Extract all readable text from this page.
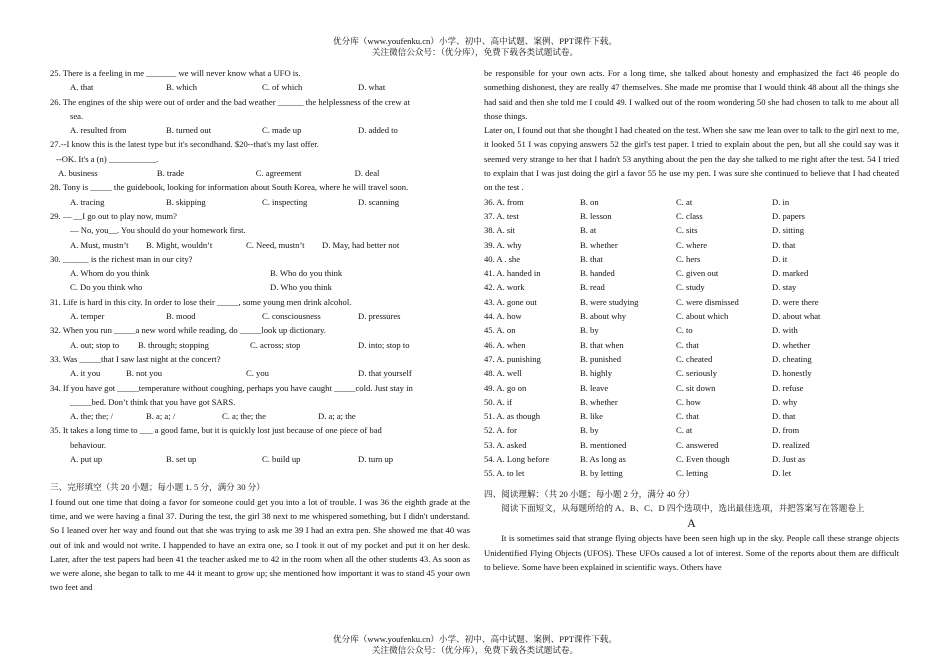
优分库（www.youfenku.cn）小学、初中、高中试题、案例、PPT课件下载。
关注微信公众号：（优分库），免费下载各类试题试卷。
25. There is a feeling in me _______ we will never know what a UFO is.
A. that	B. which	C. of which	D. what
26. The engines of the ship were out of order and the bad weather ______ the helplessness of the crew at
sea.
A. resulted from	B. turned out	C. made up	D. added to
27.--I know this is the latest type but it's secondhand. $20--that's my last offer.
--OK. It's a (n) ___________.
A. business	B. trade	C. agreement	D. deal
28. Tony is _____ the guidebook, looking for information about South Korea, where he will travel soon.
A. tracing	B. skipping	C. inspecting	D. scanning
29. — __I go out to play now, mum?
— No, you__. You should do your homework first.
A. Must, mustn’t	B. Might, wouldn’t	C. Need, mustn’t	D. May, had better not
30. ______ is the richest man in our city?
A. Whom do you think	B. Who do you think
C. Do you think who	D. Who you think
31. Life is hard in this city. In order to lose their _____, some young men drink alcohol.
A. temper	B. mood	C. consciousness	D. pressures
32. When you run _____a new word while reading, do _____look up dictionary.
A. out; stop to	B. through; stopping	C. across; stop	D. into; stop to
33. Was _____that I saw last night at the concert?
A. it you	B. not you	C. you	D. that yourself
34. If you have got _____temperature without coughing, perhaps you have caught _____cold. Just stay in
_____bed. Don’t think that you have got SARS.
A. the; the; /	B. a; a; /	C. a; the; the	D. a; a; the
35. It takes a long time to ___ a good fame, but it is quickly lost just because of one piece of bad
behaviour.
A. put up	B. set up	C. build up	D. turn up
三、完形填空（共 20 小题；每小题 1. 5 分，满分 30 分）
I found out one time that doing a favor for someone could get you into a lot of trouble. I was 36 the eighth grade at the time, and we were having a final 37. During the test, the girl 38 next to me whispered something, but I didn't understand. So I leaned over her way and found out that she was trying to ask me 39 I had an extra pen. She showed me that 40 was out of ink and would not write. I happended to have an extra one, so I took it out of my pocket and put it on her desk. Later, after the test papers had been 41 the teacher asked me to 42 in the room when all the other students 43. As soon as we were alone, she began to talk to me 44 it meant to grow up; she mentioned how important it was to stand 45 your own two feet and
be responsible for your own acts. For a long time, she talked about honesty and emphasized the fact 46 people do something dishonest, they are really 47 themselves. She made me promise that I would think 48 about all the things she had said and then she told me I could 49. I walked out of the room wondering 50 she had chosen to talk to me about all those things.
Later on, I found out that she thought I had cheated on the test. When she saw me lean over to talk to the girl next to me, it looked 51 I was copying answers 52 the girl's test paper. I tried to explain about the pen, but all she could say was it seemed very strange to her that I hadn't 53 anything about the pen the day she talked to me right after the test. 54 I tried to explain that I was just doing the girl a favor 55 he use my pen. I was sure she continued to believe that I had cheated on the test .
36. A. from	B. on	C. at	D. in
37. A. test	B. lesson	C. class	D. papers
38. A. sit	B. at	C. sits	D. sitting
39. A. why	B. whether	C. where	D. that
40. A . she	B. that	C. hers	D. it
41. A. handed in	B. handed	C. given out	D. marked
42. A. work	B. read	C. study	D. stay
43. A. gone out	B. were studying	C. were dismissed	D. were there
44. A. how	B. about why	C. about which	D. about what
45. A. on	B. by	C. to	D. with
46. A. when	B. that when	C. that	D. whether
47. A. punishing	B. punished	C. cheated	D. cheating
48. A. well	B. highly	C. seriously	D. honestly
49. A. go on	B. leave	C. sit down	D. refuse
50. A. if	B. whether	C. how	D. why
51. A. as though	B. like	C. that	D. that
52. A. for	B. by	C. at	D. from
53. A. asked	B. mentioned	C. answered	D. realized
54. A. Long before	B. As long as	C. Even though	D. Just as
55. A. to let	B. by letting	C. letting	D. let
四、阅读理解：（共 20 小题；每小题 2 分，满分 40 分）
阅读下面短文，从每题所给的 A、B、C、D 四个选项中，选出最佳选项，并把答案写在答题卷上
A
It is sometimes said that strange flying objects have been seen high up in the sky. People call these strange objects Unidentified Flying Objects (UFOS). These UFOs caused a lot of interest. Some of the reports about them are difficult to believe. Some have been explained in scientific ways. Others have
优分库（www.youfenku.cn）小学、初中、高中试题、案例、PPT课件下载。
关注微信公众号：（优分库），免费下载各类试题试卷。
